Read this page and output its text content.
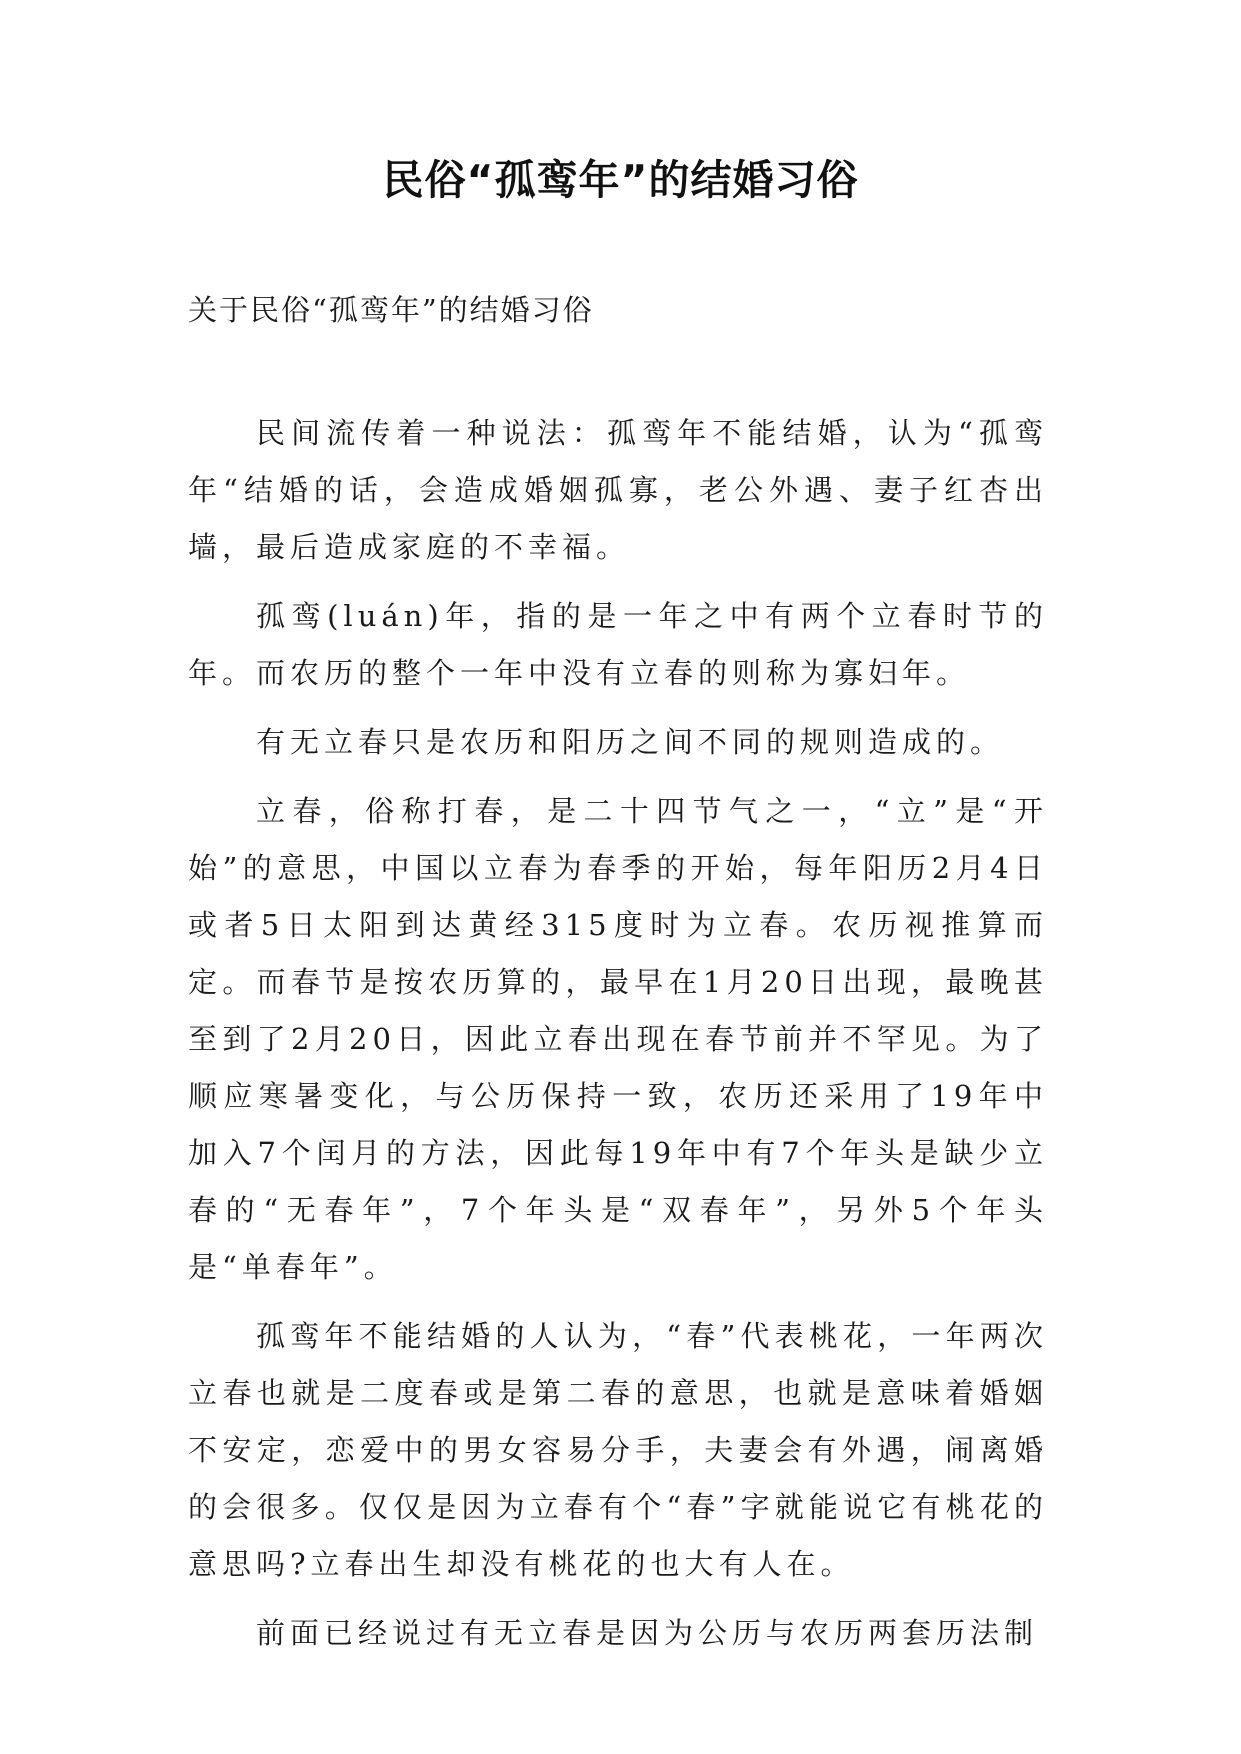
民俗“孤鸾年”的结婚习俗
关于民俗“孤鸾年”的结婚习俗

民间流传着一种说法：孤鸾年不能结婚，认为“孤鸾年“结婚的话，会造成婚姻孤寡，老公外遇、妻子红杏出墙，最后造成家庭的不幸福。

孤鸾(luán)年，指的是一年之中有两个立春时节的年。而农历的整个一年中没有立春的则称为寡妇年。

有无立春只是农历和阳历之间不同的规则造成的。

立春，俗称打春，是二十四节气之一，“立”是“开始”的意思，中国以立春为春季的开始，每年阳历2月4日或者5日太阳到达黄经315度时为立春。农历视推算而定。而春节是按农历算的，最早在1月20日出现，最晚甚至到了2月20日，因此立春出现在春节前并不罕见。为了顺应寒暑变化，与公历保持一致，农历还采用了19年中加入7个闰月的方法，因此每19年中有7个年头是缺少立春的“无春年”，7个年头是“双春年”，另外5个年头是“单春年”。

孤鸾年不能结婚的人认为，“春”代表桃花，一年两次立春也就是二度春或是第二春的意思，也就是意味着婚姻不安定，恋爱中的男女容易分手，夫妻会有外遇，闹离婚的会很多。仅仅是因为立春有个“春”字就能说它有桃花的意思吗?立春出生却没有桃花的也大有人在。

前面已经说过有无立春是因为公历与农历两套历法制
